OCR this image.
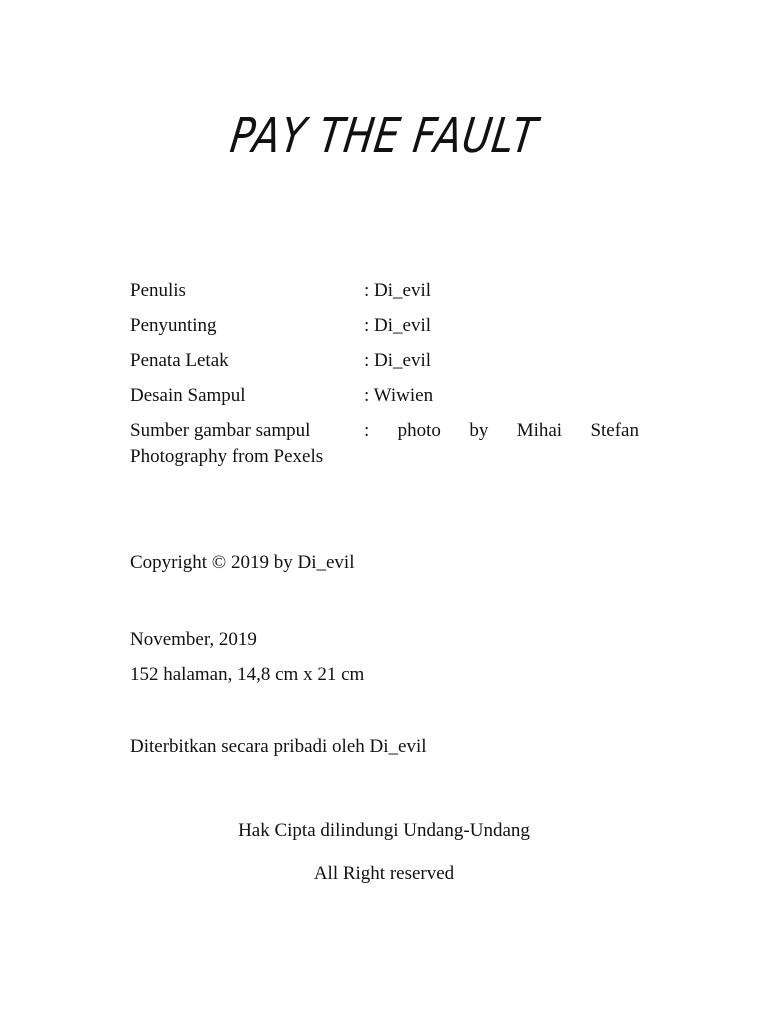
PAY THE FAULT
Penulis	: Di_evil
Penyunting	: Di_evil
Penata Letak	: Di_evil
Desain Sampul	: Wiwien
Sumber gambar sampul	: photo by Mihai Stefan
Photography from Pexels
Copyright © 2019 by Di_evil
November, 2019
152 halaman, 14,8 cm x 21 cm
Diterbitkan secara pribadi oleh Di_evil
Hak Cipta dilindungi Undang-Undang
All Right reserved
